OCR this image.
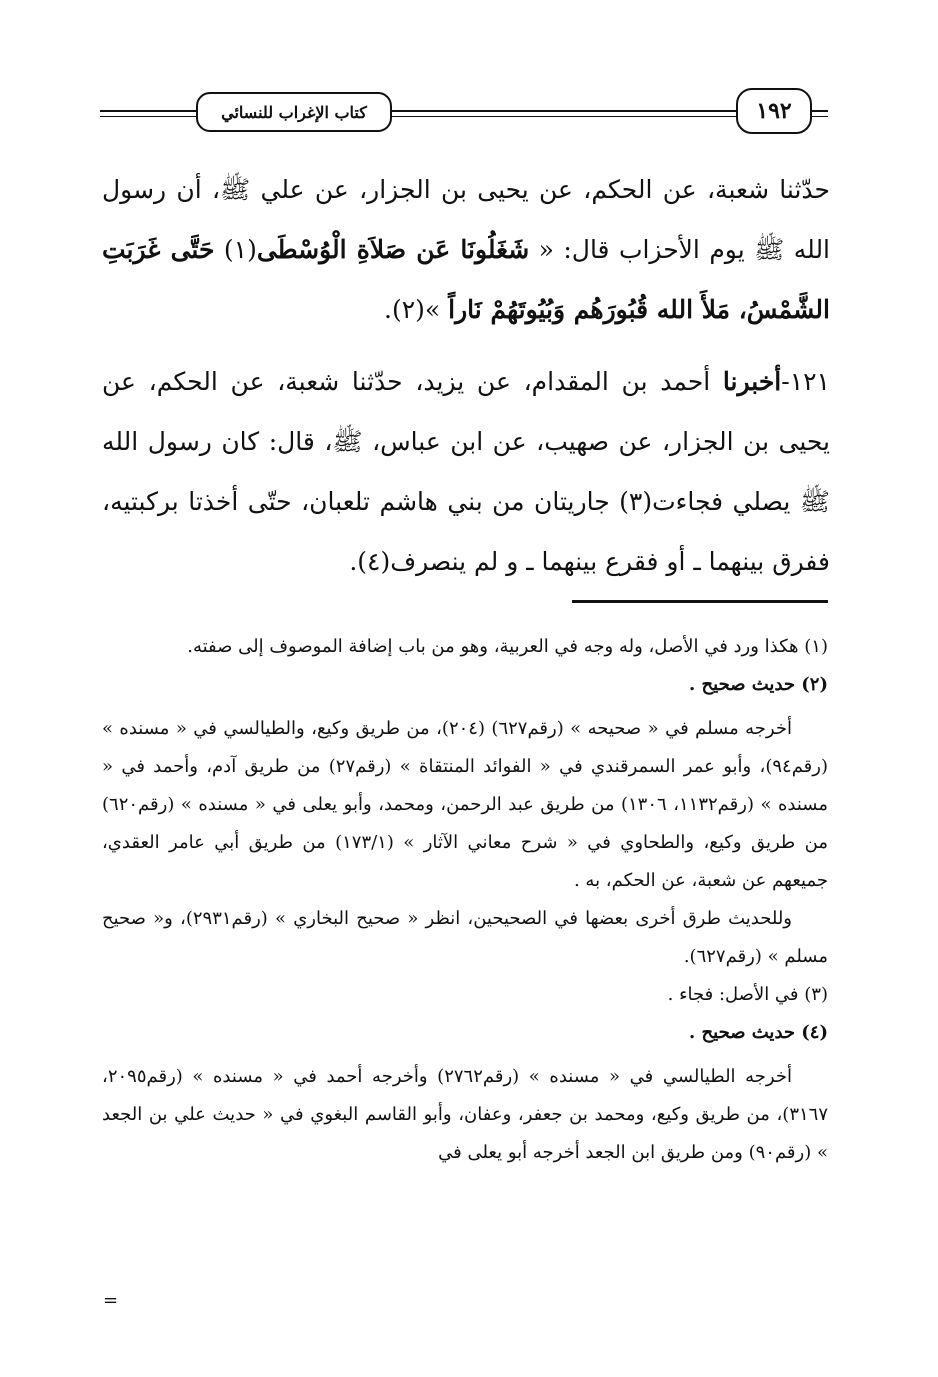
كتاب الإغراب للنسائي	١٩٢

حدّثنا شعبة، عن الحكم، عن يحيى بن الجزار، عن علي ﷺ، أن رسول الله ﷺ يوم الأحزاب قال: « شَغَلُونَا عَن صَلاَةِ الْوُسْطَى(١) حَتَّى غَرَبَتِ الشَّمْسُ، مَلأَ الله قُبُورَهُم وَبُيُوتَهُمْ نَاراً »(٢).

١٢١-أخبرنا أحمد بن المقدام، عن يزيد، حدّثنا شعبة، عن الحكم، عن يحيى بن الجزار، عن صهيب، عن ابن عباس، ﷺ، قال: كان رسول الله ﷺ يصلي فجاءت(٣) جاريتان من بني هاشم تلعبان، حتّى أخذتا بركبتيه، ففرق بينهما ـ أو فقرع بينهما ـ و لم ينصرف(٤).

(١) هكذا ورد في الأصل، وله وجه في العربية، وهو من باب إضافة الموصوف إلى صفته.

(٢) حديث صحيح .

أخرجه مسلم في « صحيحه » (رقم٦٢٧) (٢٠٤)، من طريق وكيع، والطيالسي في « مسنده » (رقم٩٤)، وأبو عمر السمرقندي في « الفوائد المنتقاة » (رقم٢٧) من طريق آدم، وأحمد في « مسنده » (رقم١١٣٢، ١٣٠٦) من طريق عبد الرحمن، ومحمد، وأبو يعلى في « مسنده » (رقم٦٢٠) من طريق وكيع، والطحاوي في « شرح معاني الآثار » (١٧٣/١) من طريق أبي عامر العقدي، جميعهم عن شعبة، عن الحكم، به .

وللحديث طرق أخرى بعضها في الصحيحين، انظر « صحيح البخاري » (رقم٢٩٣١)، و« صحيح مسلم » (رقم٦٢٧).

(٣) في الأصل: فجاء .

(٤) حديث صحيح .

أخرجه الطيالسي في « مسنده » (رقم٢٧٦٢) وأخرجه أحمد في « مسنده » (رقم٢٠٩٥، ٣١٦٧)، من طريق وكيع، ومحمد بن جعفر، وعفان، وأبو القاسم البغوي في « حديث علي بن الجعد » (رقم٩٠) ومن طريق ابن الجعد أخرجه أبو يعلى في

=
